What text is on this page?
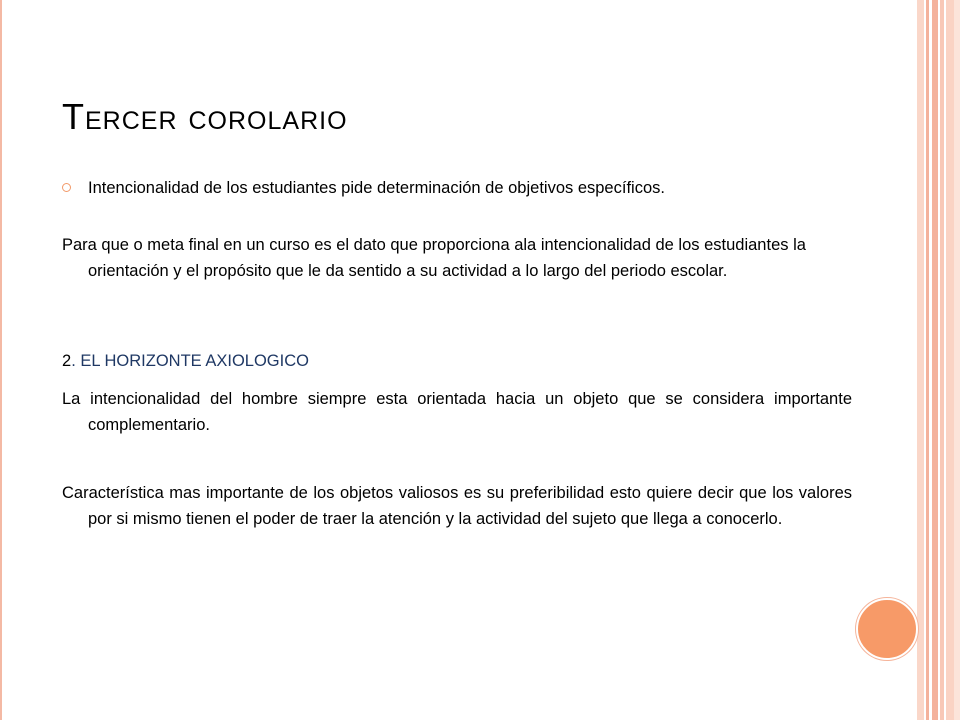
Tercer corolario
Intencionalidad de los estudiantes pide determinación de objetivos específicos.
Para que o meta final en un curso es el dato que proporciona ala intencionalidad de los estudiantes la orientación y el propósito que le da sentido a su actividad a lo largo del periodo escolar.
2. EL HORIZONTE AXIOLOGICO
La intencionalidad del hombre siempre esta orientada hacia un objeto que se considera importante complementario.
Característica mas importante de los objetos valiosos es su preferibilidad esto quiere decir que los valores por si mismo tienen el poder de traer la atención y la actividad del sujeto que llega a conocerlo.
